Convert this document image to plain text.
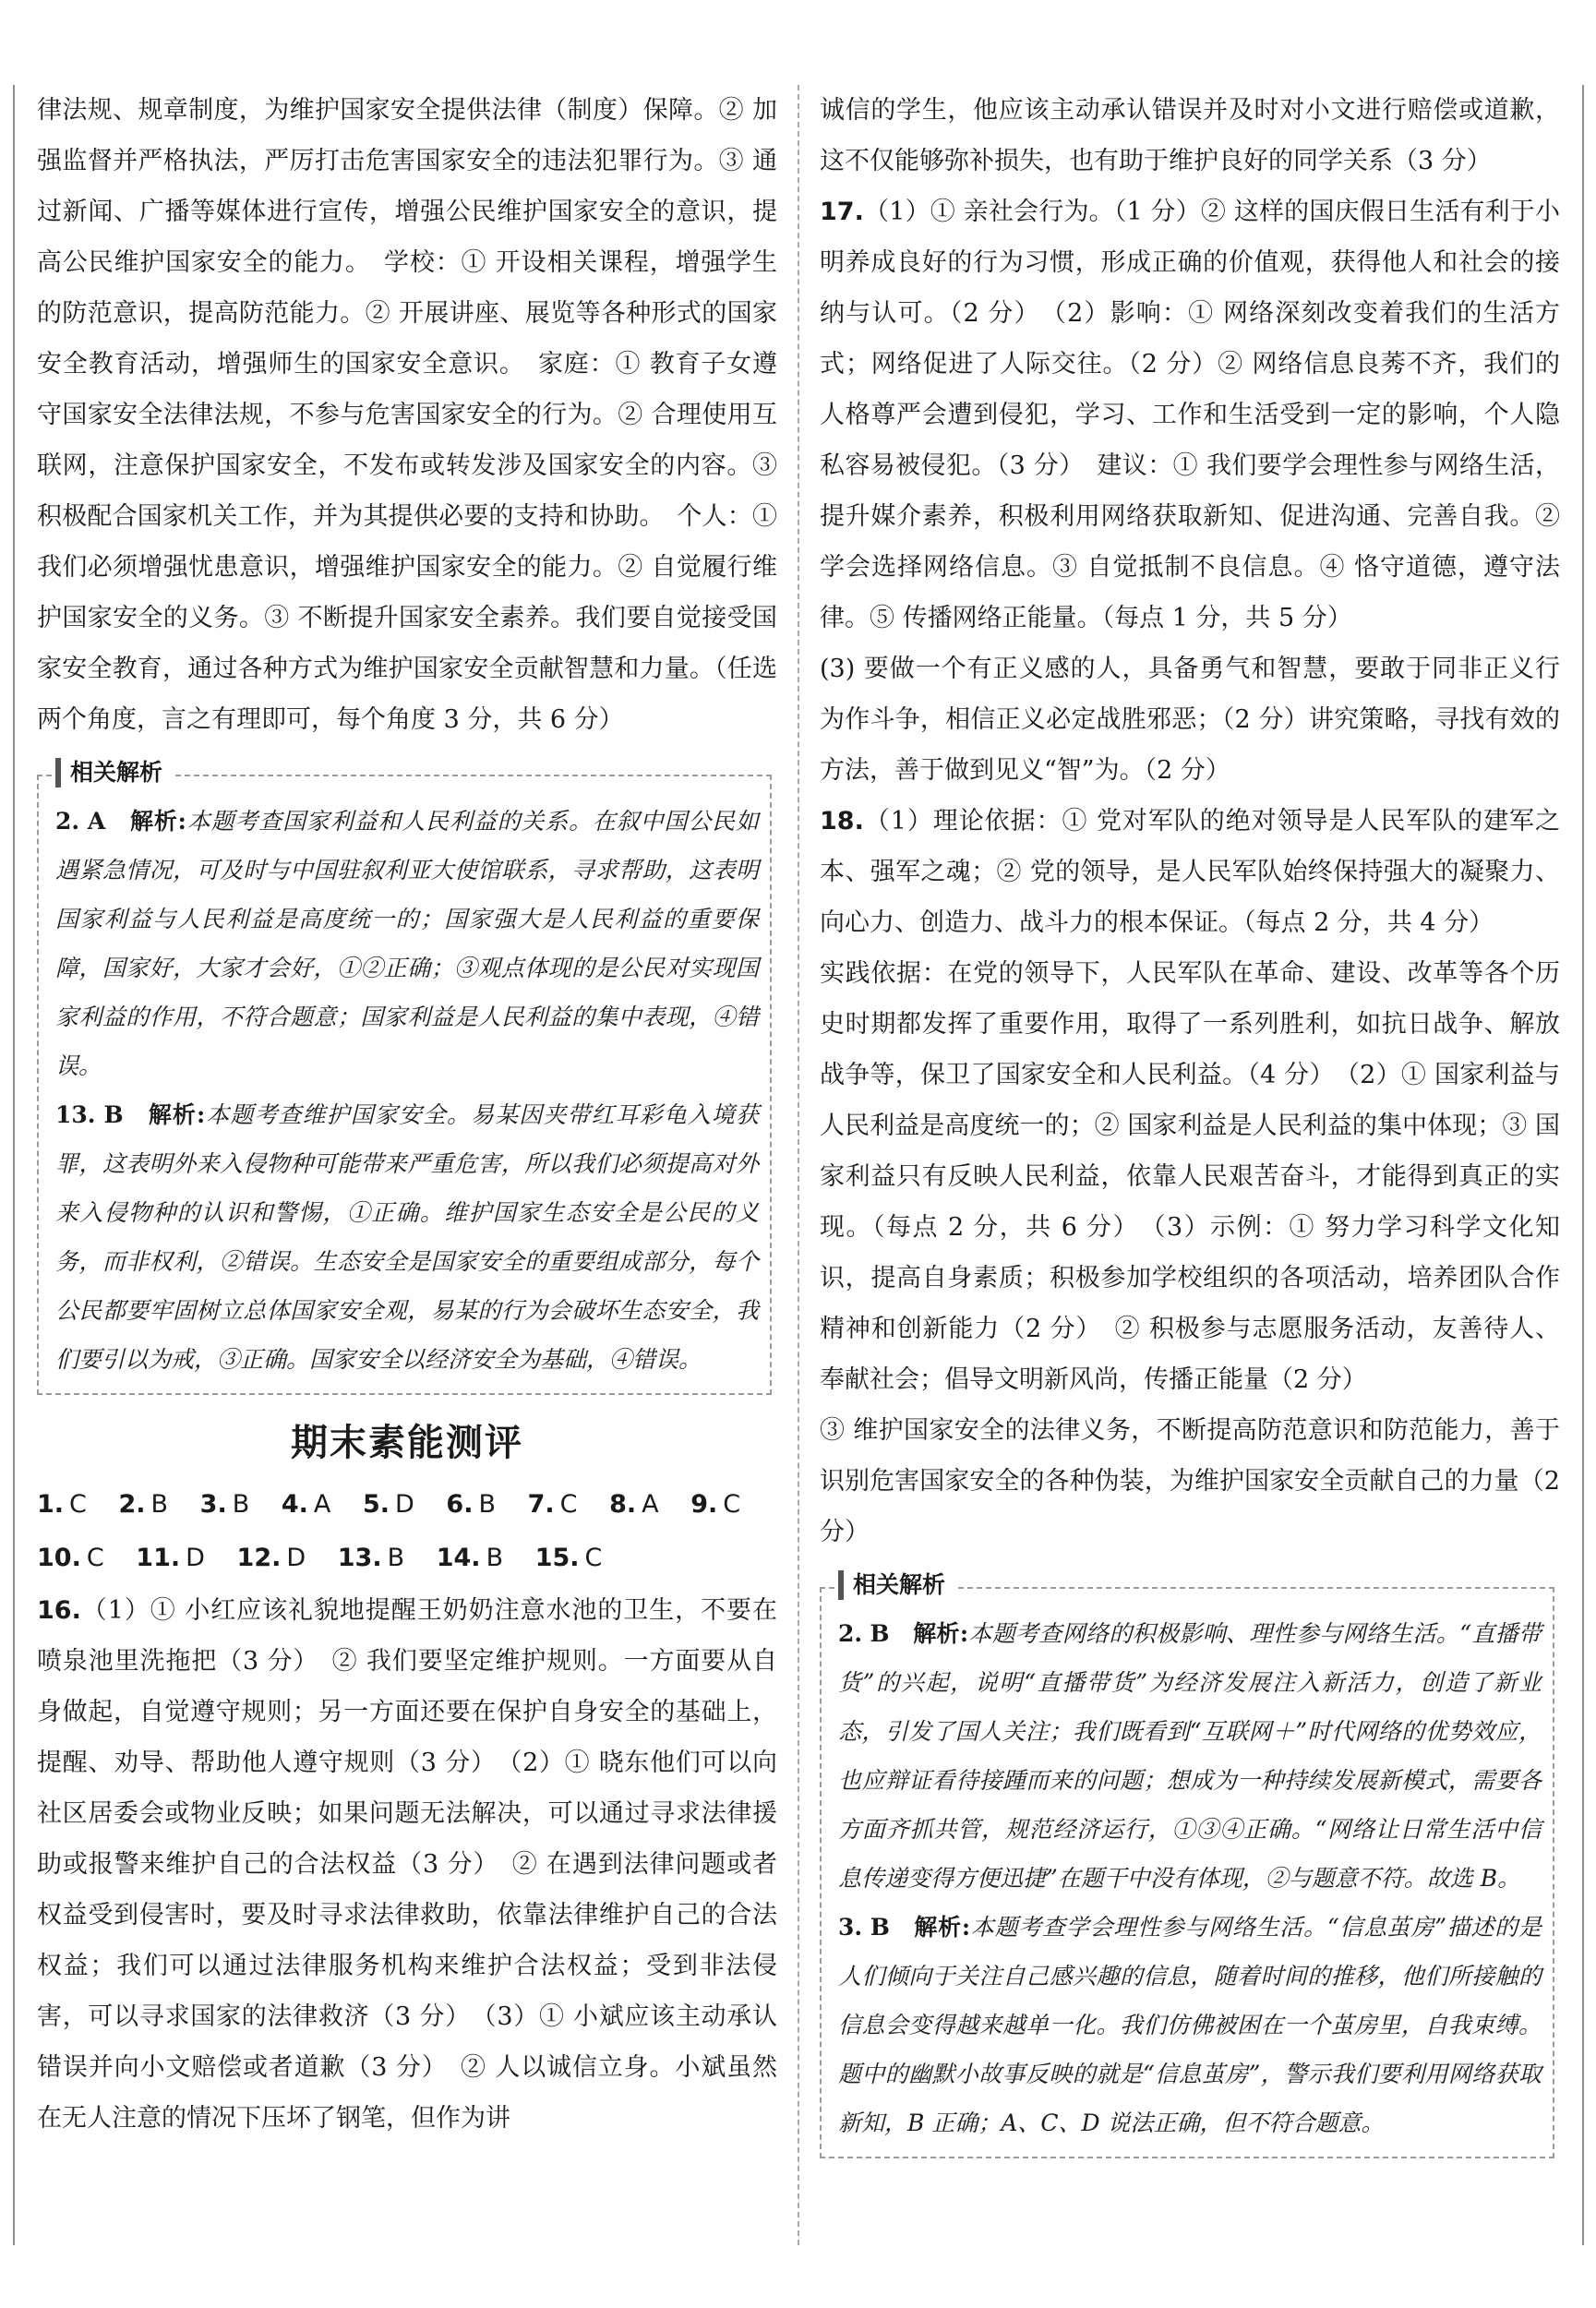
律法规、规章制度，为维护国家安全提供法律（制度）保障。② 加强监督并严格执法，严厉打击危害国家安全的违法犯罪行为。③ 通过新闻、广播等媒体进行宣传，增强公民维护国家安全的意识，提高公民维护国家安全的能力。　学校：① 开设相关课程，增强学生的防范意识，提高防范能力。② 开展讲座、展览等各种形式的国家安全教育活动，增强师生的国家安全意识。　家庭：① 教育子女遵守国家安全法律法规，不参与危害国家安全的行为。② 合理使用互联网，注意保护国家安全，不发布或转发涉及国家安全的内容。③ 积极配合国家机关工作，并为其提供必要的支持和协助。　个人：① 我们必须增强忧患意识，增强维护国家安全的能力。② 自觉履行维护国家安全的义务。③ 不断提升国家安全素养。我们要自觉接受国家安全教育，通过各种方式为维护国家安全贡献智慧和力量。（任选两个角度，言之有理即可，每个角度 3 分，共 6 分）

相关解析

2. A　 解析:本题考查国家利益和人民利益的关系。在叙中国公民如遇紧急情况，可及时与中国驻叙利亚大使馆联系，寻求帮助，这表明国家利益与人民利益是高度统一的；国家强大是人民利益的重要保障，国家好，大家才会好，①②正确；③观点体现的是公民对实现国家利益的作用，不符合题意；国家利益是人民利益的集中表现，④错误。

13. B　 解析:本题考查维护国家安全。易某因夹带红耳彩龟入境获罪，这表明外来入侵物种可能带来严重危害，所以我们必须提高对外来入侵物种的认识和警惕，①正确。维护国家生态安全是公民的义务，而非权利，②错误。生态安全是国家安全的重要组成部分，每个公民都要牢固树立总体国家安全观，易某的行为会破坏生态安全，我们要引以为戒，③正确。国家安全以经济安全为基础，④错误。

期末素能测评
1. C 2. B 3. B 4. A 5. D 6. B 7. C 8. A 9. C
10. C 11. D 12. D 13. B 14. B 15. C

16.（1）① 小红应该礼貌地提醒王奶奶注意水池的卫生，不要在喷泉池里洗拖把（3 分）　② 我们要坚定维护规则。一方面要从自身做起，自觉遵守规则；另一方面还要在保护自身安全的基础上，提醒、劝导、帮助他人遵守规则（3 分）　（2）① 晓东他们可以向社区居委会或物业反映；如果问题无法解决，可以通过寻求法律援助或报警来维护自己的合法权益（3 分）　② 在遇到法律问题或者权益受到侵害时，要及时寻求法律救助，依靠法律维护自己的合法权益；我们可以通过法律服务机构来维护合法权益；受到非法侵害，可以寻求国家的法律救济（3 分）　（3）① 小斌应该主动承认错误并向小文赔偿或者道歉（3 分）　② 人以诚信立身。小斌虽然在无人注意的情况下压坏了钢笔，但作为讲

诚信的学生，他应该主动承认错误并及时对小文进行赔偿或道歉，这不仅能够弥补损失，也有助于维护良好的同学关系（3 分）

17.（1）① 亲社会行为。（1 分）② 这样的国庆假日生活有利于小明养成良好的行为习惯，形成正确的价值观，获得他人和社会的接纳与认可。（2 分）　（2）影响：① 网络深刻改变着我们的生活方式；网络促进了人际交往。（2 分）② 网络信息良莠不齐，我们的人格尊严会遭到侵犯，学习、工作和生活受到一定的影响，个人隐私容易被侵犯。（3 分）　建议：① 我们要学会理性参与网络生活，提升媒介素养，积极利用网络获取新知、促进沟通、完善自我。② 学会选择网络信息。③ 自觉抵制不良信息。④ 恪守道德，遵守法律。⑤ 传播网络正能量。（每点 1 分，共 5 分）

(3) 要做一个有正义感的人，具备勇气和智慧，要敢于同非正义行为作斗争，相信正义必定战胜邪恶；（2 分）讲究策略，寻找有效的方法，善于做到见义“智”为。（2 分）

18.（1）理论依据：① 党对军队的绝对领导是人民军队的建军之本、强军之魂；② 党的领导，是人民军队始终保持强大的凝聚力、向心力、创造力、战斗力的根本保证。（每点 2 分，共 4 分）

实践依据：在党的领导下，人民军队在革命、建设、改革等各个历史时期都发挥了重要作用，取得了一系列胜利，如抗日战争、解放战争等，保卫了国家安全和人民利益。（4 分）　（2）① 国家利益与人民利益是高度统一的；② 国家利益是人民利益的集中体现；③ 国家利益只有反映人民利益，依靠人民艰苦奋斗，才能得到真正的实现。（每点 2 分，共 6 分）　（3）示例：① 努力学习科学文化知识，提高自身素质；积极参加学校组织的各项活动，培养团队合作精神和创新能力（2 分）　② 积极参与志愿服务活动，友善待人、奉献社会；倡导文明新风尚，传播正能量（2 分）

③ 维护国家安全的法律义务，不断提高防范意识和防范能力，善于识别危害国家安全的各种伪装，为维护国家安全贡献自己的力量（2 分）

相关解析

2. B　 解析:本题考查网络的积极影响、理性参与网络生活。“直播带货”的兴起，说明“直播带货”为经济发展注入新活力，创造了新业态，引发了国人关注；我们既看到“互联网＋”时代网络的优势效应，也应辩证看待接踵而来的问题；想成为一种持续发展新模式，需要各方面齐抓共管，规范经济运行，①③④正确。“网络让日常生活中信息传递变得方便迅捷”在题干中没有体现，②与题意不符。故选 B。

3. B　 解析:本题考查学会理性参与网络生活。“信息茧房”描述的是人们倾向于关注自己感兴趣的信息，随着时间的推移，他们所接触的信息会变得越来越单一化。我们仿佛被困在一个茧房里，自我束缚。题中的幽默小故事反映的就是“信息茧房”，警示我们要利用网络获取新知，B 正确；A、C、D 说法正确，但不符合题意。
